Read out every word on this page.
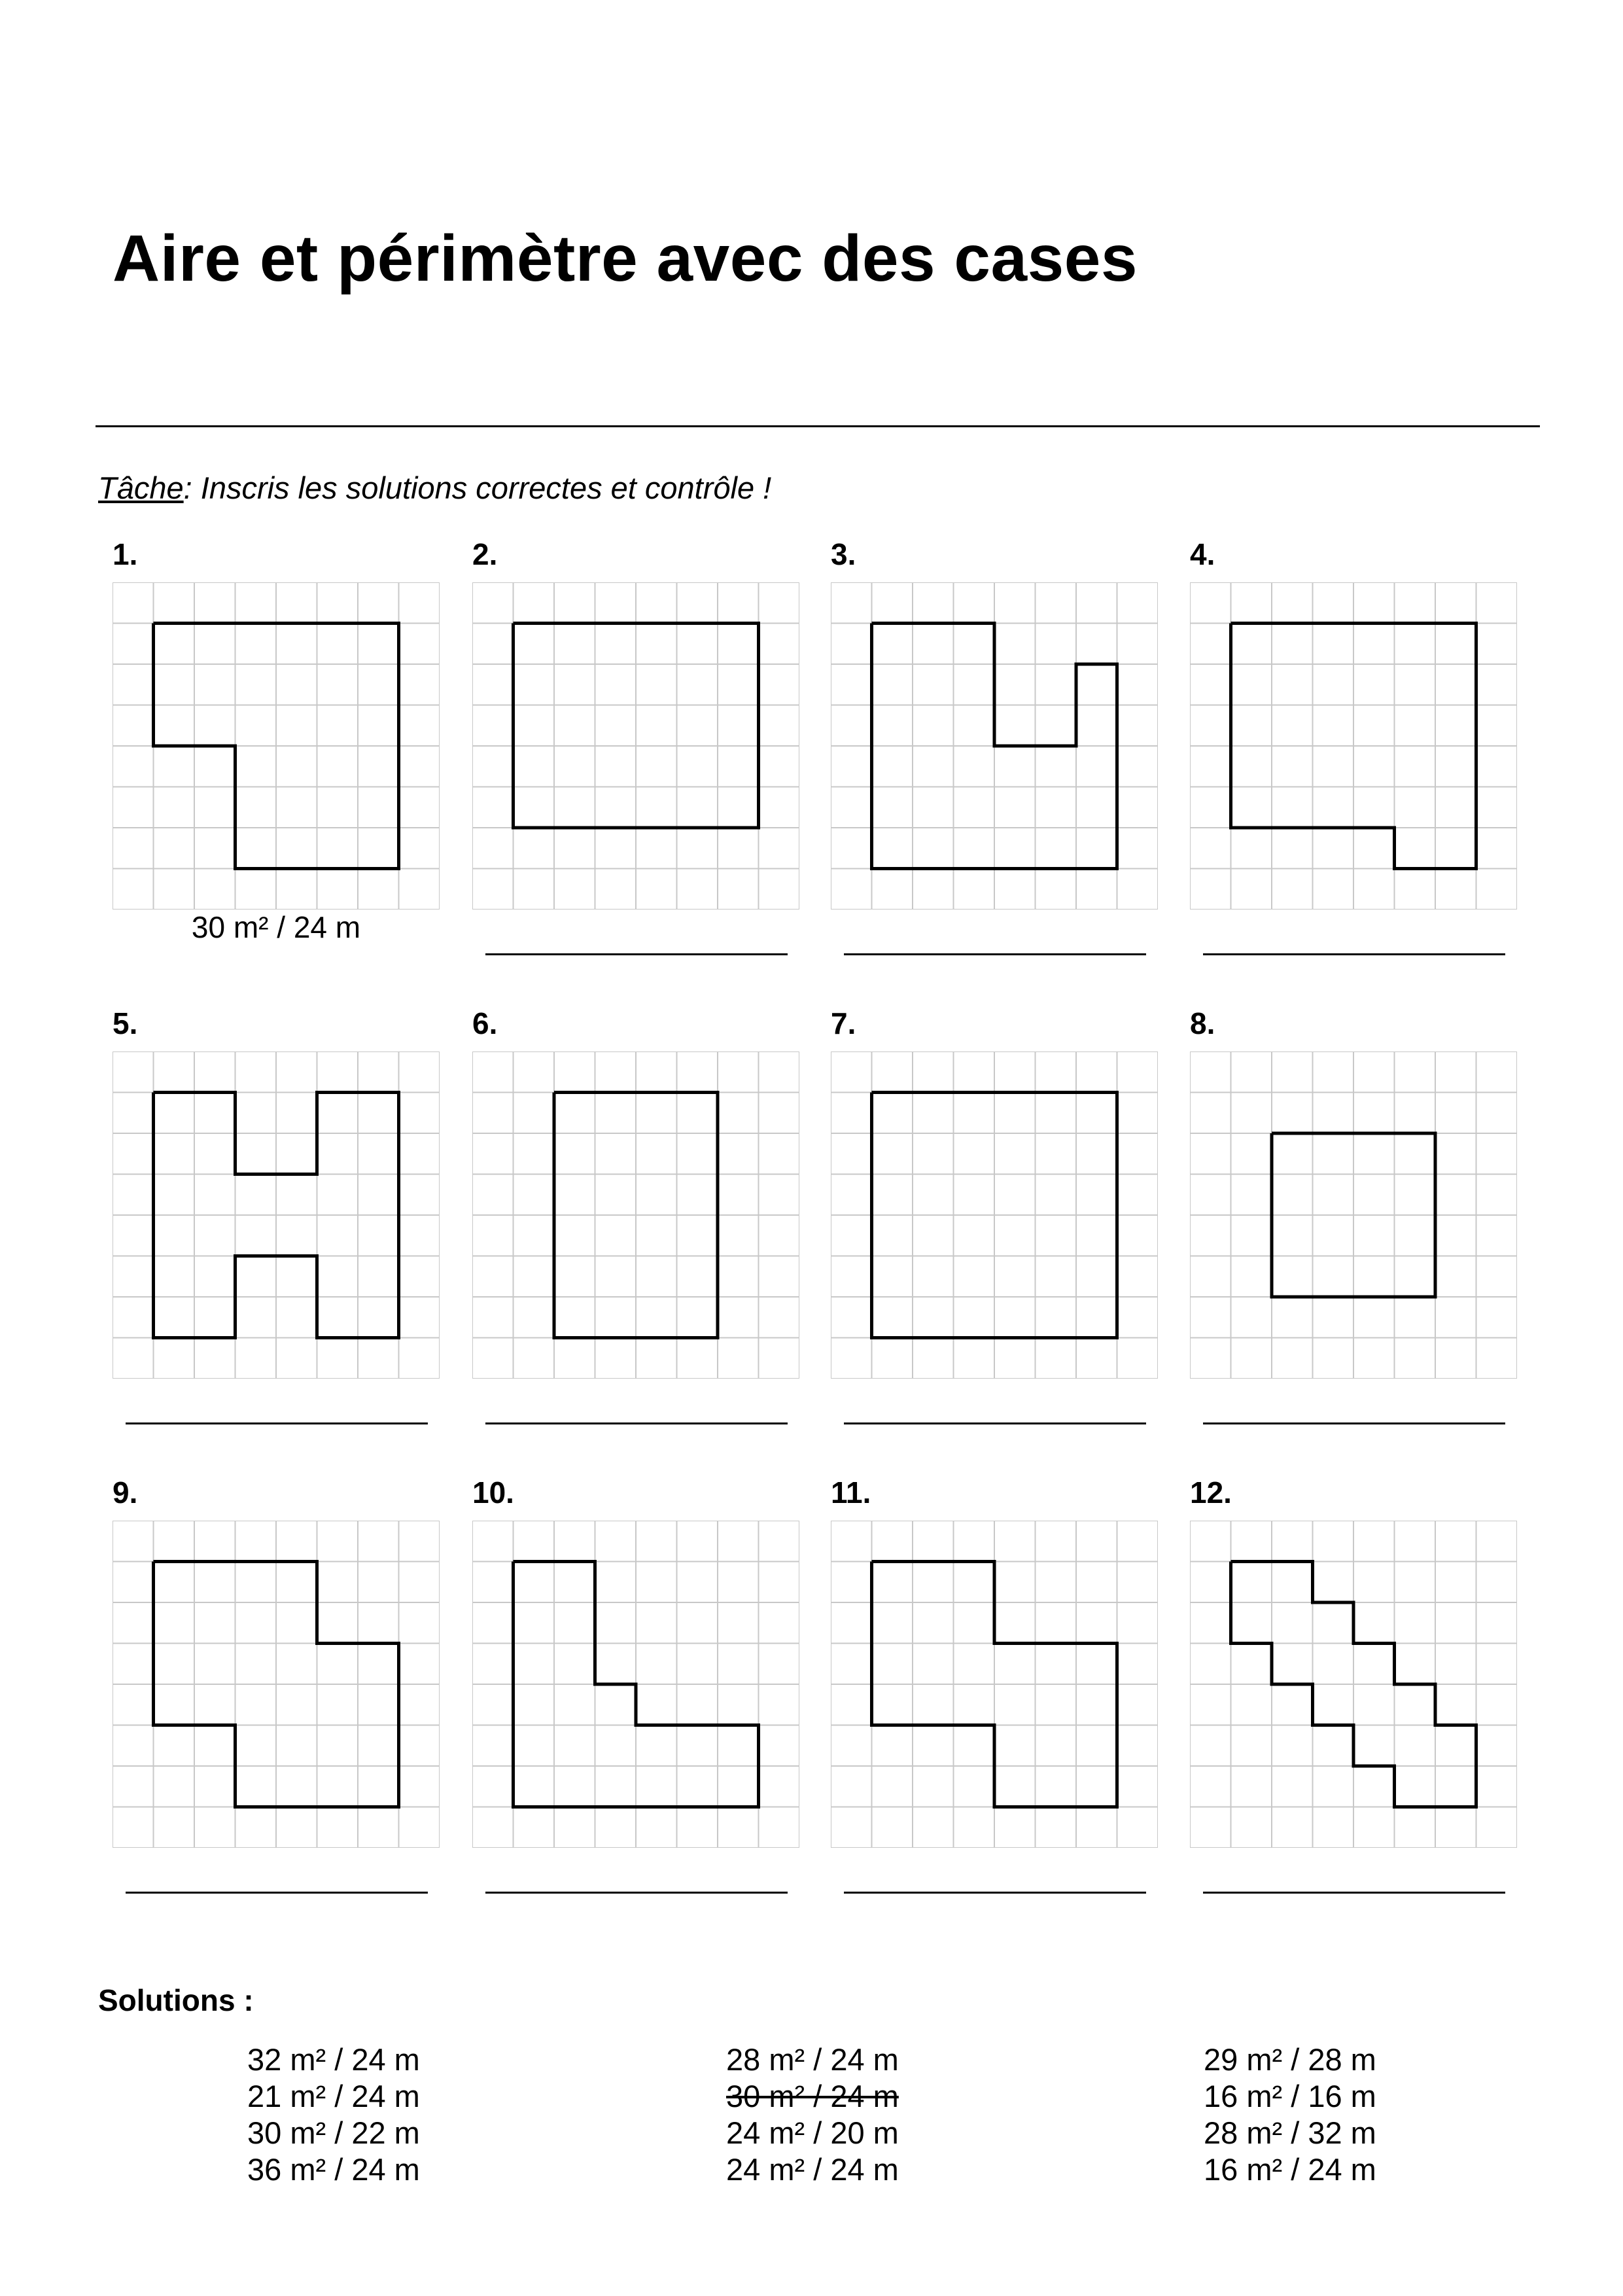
Aire et périmètre avec des cases
Tâche: Inscris les solutions correctes et contrôle !
1.
30 m² / 24 m
2.	3.	4.
5.	6.	7.	8.
9.	10.	11.	12.
Solutions :
32 m² / 24 m
21 m² / 24 m
30 m² / 22 m
36 m² / 24 m
28 m² / 24 m
30 m² / 24 m
24 m² / 20 m
24 m² / 24 m
29 m² / 28 m
16 m² / 16 m
28 m² / 32 m
16 m² / 24 m
